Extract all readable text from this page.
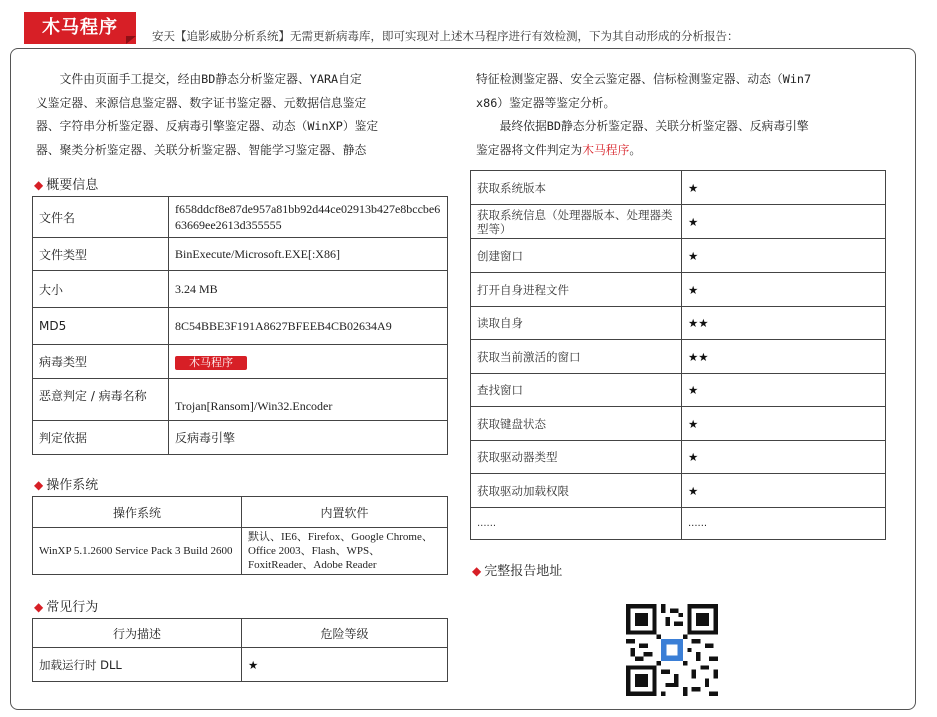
木马程序	安天【追影威胁分析系统】无需更新病毒库，即可实现对上述木马程序进行有效检测，下为其自动形成的分析报告：
　　文件由页面手工提交，经由BD静态分析鉴定器、YARA自定
义鉴定器、来源信息鉴定器、数字证书鉴定器、元数据信息鉴定
器、字符串分析鉴定器、反病毒引擎鉴定器、动态（WinXP）鉴定
器、聚类分析鉴定器、关联分析鉴定器、智能学习鉴定器、静态
特征检测鉴定器、安全云鉴定器、信标检测鉴定器、动态（Win7
x86）鉴定器等鉴定分析。
　　最终依据BD静态分析鉴定器、关联分析鉴定器、反病毒引擎
鉴定器将文件判定为木马程序。
◆ 概要信息
文件名	f658ddcf8e87de957a81bb92d44ce02913b427e8bccbe663669ee2613d355555
文件类型	BinExecute/Microsoft.EXE[:X86]
大小	3.24 MB
MD5	8C54BBE3F191A8627BFEEB4CB02634A9
病毒类型	木马程序
恶意判定 / 病毒名称	Trojan[Ransom]/Win32.Encoder
判定依据	反病毒引擎
◆ 操作系统
操作系统	内置软件
WinXP 5.1.2600 Service Pack 3 Build 2600	默认、IE6、Firefox、Google Chrome、Office 2003、Flash、WPS、FoxitReader、Adobe Reader
◆ 常见行为
行为描述	危险等级
加载运行时 DLL	★
获取系统版本	★
获取系统信息（处理器版本、处理器类型等）	★
创建窗口	★
打开自身进程文件	★
读取自身	★★
获取当前激活的窗口	★★
查找窗口	★
获取键盘状态	★
获取驱动器类型	★
获取驱动加载权限	★
......	......
◆ 完整报告地址
